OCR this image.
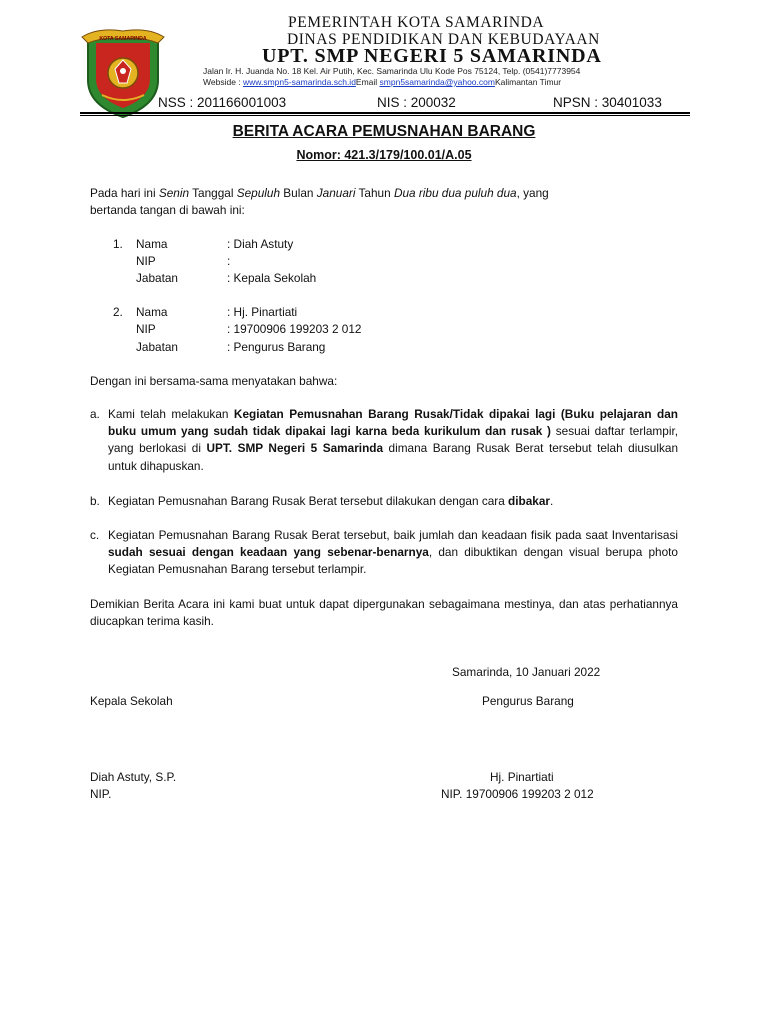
KOTA SAMARINDA
PEMERINTAH KOTA SAMARINDA
DINAS PENDIDIKAN DAN KEBUDAYAAN
UPT. SMP NEGERI 5 SAMARINDA
Jalan Ir. H. Juanda No. 18 Kel. Air Putih, Kec. Samarinda Ulu Kode Pos 75124, Telp. (0541)7773954
Webside : www.smpn5-samarinda.sch.idEmail smpn5samarinda@yahoo.comKalimantan Timur
NSS : 201166001003	NIS : 200032	NPSN : 30401033
BERITA ACARA PEMUSNAHAN BARANG
Nomor: 421.3/179/100.01/A.05
Pada hari ini Senin Tanggal Sepuluh Bulan Januari Tahun Dua ribu dua puluh dua, yang
bertanda tangan di bawah ini:
1. Nama	: Diah Astuty
NIP	:
Jabatan	: Kepala Sekolah
2. Nama	: Hj. Pinartiati
NIP	: 19700906 199203 2 012
Jabatan	: Pengurus Barang
Dengan ini bersama-sama menyatakan bahwa:
a. Kami telah melakukan Kegiatan Pemusnahan Barang Rusak/Tidak dipakai lagi (Buku pelajaran dan buku umum yang sudah tidak dipakai lagi karna beda kurikulum dan rusak ) sesuai daftar terlampir, yang berlokasi di UPT. SMP Negeri 5 Samarinda dimana Barang Rusak Berat tersebut telah diusulkan untuk dihapuskan.
b. Kegiatan Pemusnahan Barang Rusak Berat tersebut dilakukan dengan cara dibakar.
c. Kegiatan Pemusnahan Barang Rusak Berat tersebut, baik jumlah dan keadaan fisik pada saat Inventarisasi sudah sesuai dengan keadaan yang sebenar-benarnya, dan dibuktikan dengan visual berupa photo Kegiatan Pemusnahan Barang tersebut terlampir.
Demikian Berita Acara ini kami buat untuk dapat dipergunakan sebagaimana mestinya, dan atas perhatiannya diucapkan terima kasih.
Samarinda, 10 Januari 2022
Kepala Sekolah	Pengurus Barang
Diah Astuty, S.P.	Hj. Pinartiati
NIP.	NIP. 19700906 199203 2 012
